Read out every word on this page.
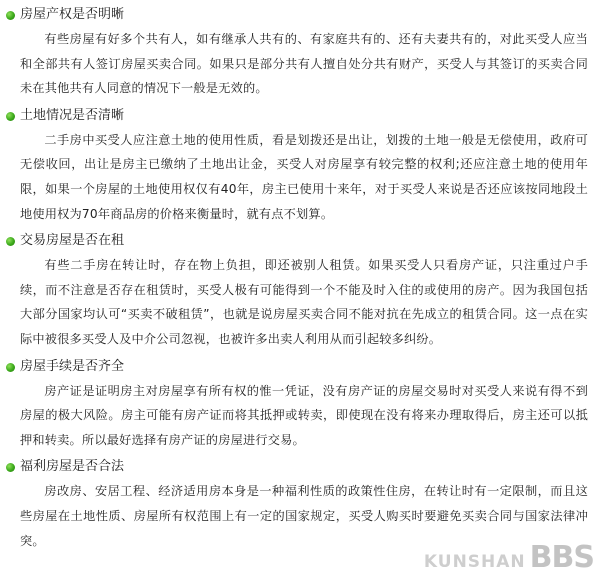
房屋产权是否明晰

有些房屋有好多个共有人，如有继承人共有的、有家庭共有的、还有夫妻共有的，对此买受人应当和全部共有人签订房屋买卖合同。如果只是部分共有人擅自处分共有财产，买受人与其签订的买卖合同未在其他共有人同意的情况下一般是无效的。

土地情况是否清晰

二手房中买受人应注意土地的使用性质，看是划拨还是出让，划拨的土地一般是无偿使用，政府可无偿收回，出让是房主已缴纳了土地出让金，买受人对房屋享有较完整的权利;还应注意土地的使用年限，如果一个房屋的土地使用权仅有40年，房主已使用十来年，对于买受人来说是否还应该按同地段土地使用权为70年商品房的价格来衡量时，就有点不划算。

交易房屋是否在租

有些二手房在转让时，存在物上负担，即还被别人租赁。如果买受人只看房产证，只注重过户手续，而不注意是否存在租赁时，买受人极有可能得到一个不能及时入住的或使用的房产。因为我国包括大部分国家均认可“买卖不破租赁”，也就是说房屋买卖合同不能对抗在先成立的租赁合同。这一点在实际中被很多买受人及中介公司忽视，也被许多出卖人利用从而引起较多纠纷。

房屋手续是否齐全

房产证是证明房主对房屋享有所有权的惟一凭证，没有房产证的房屋交易时对买受人来说有得不到房屋的极大风险。房主可能有房产证而将其抵押或转卖，即使现在没有将来办理取得后，房主还可以抵押和转卖。所以最好选择有房产证的房屋进行交易。

福利房屋是否合法

房改房、安居工程、经济适用房本身是一种福利性质的政策性住房，在转让时有一定限制，而且这些房屋在土地性质、房屋所有权范围上有一定的国家规定，买受人购买时要避免买卖合同与国家法律冲突。

KUNSHAN BBS
